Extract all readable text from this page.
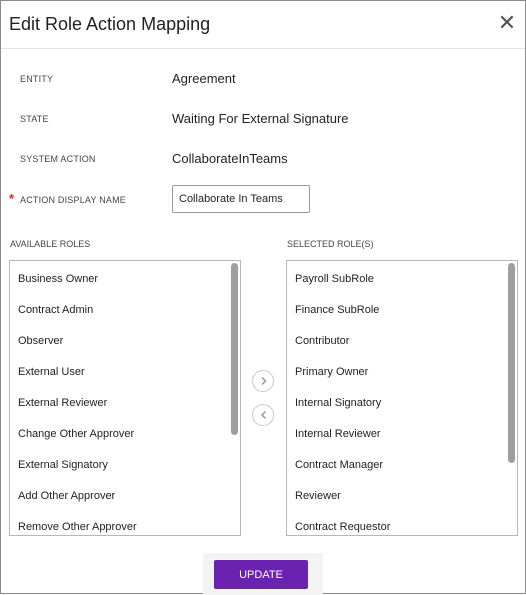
Edit Role Action Mapping	✕
ENTITY	Agreement
STATE	Waiting For External Signature
SYSTEM ACTION	CollaborateInTeams
* ACTION DISPLAY NAME
Collaborate In Teams
AVAILABLE ROLES	SELECTED ROLE(S)
Business Owner
Contract Admin
Observer
External User
External Reviewer
Change Other Approver
External Signatory
Add Other Approver
Remove Other Approver
Payroll SubRole
Finance SubRole
Contributor
Primary Owner
Internal Signatory
Internal Reviewer
Contract Manager
Reviewer
Contract Requestor
UPDATE
